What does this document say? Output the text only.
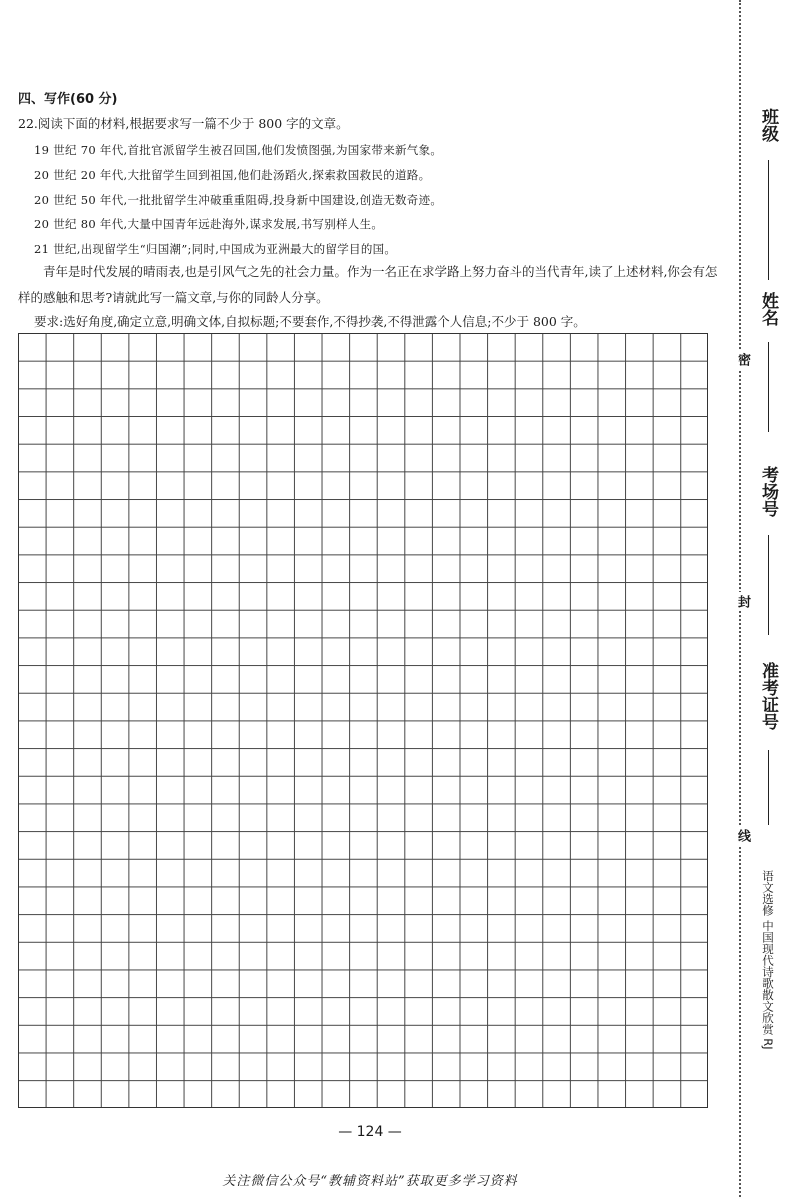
四、写作(60 分)
22.阅读下面的材料,根据要求写一篇不少于 800 字的文章。
19 世纪 70 年代,首批官派留学生被召回国,他们发愤图强,为国家带来新气象。
20 世纪 20 年代,大批留学生回到祖国,他们赴汤蹈火,探索救国救民的道路。
20 世纪 50 年代,一批批留学生冲破重重阻碍,投身新中国建设,创造无数奇迹。
20 世纪 80 年代,大量中国青年远赴海外,谋求发展,书写别样人生。
21 世纪,出现留学生“归国潮”;同时,中国成为亚洲最大的留学目的国。
青年是时代发展的晴雨表,也是引风气之先的社会力量。作为一名正在求学路上努力奋斗的当代青年,读了上述材料,你会有怎样的感触和思考?请就此写一篇文章,与你的同龄人分享。
要求:选好角度,确定立意,明确文体,自拟标题;不要套作,不得抄袭,不得泄露个人信息;不少于 800 字。
— 124 —
关注微信公众号“教辅资料站”获取更多学习资料
班级
姓名
考场号
准考证号
密
封
线
语文选修 中国现代诗歌散文欣赏 RJ
